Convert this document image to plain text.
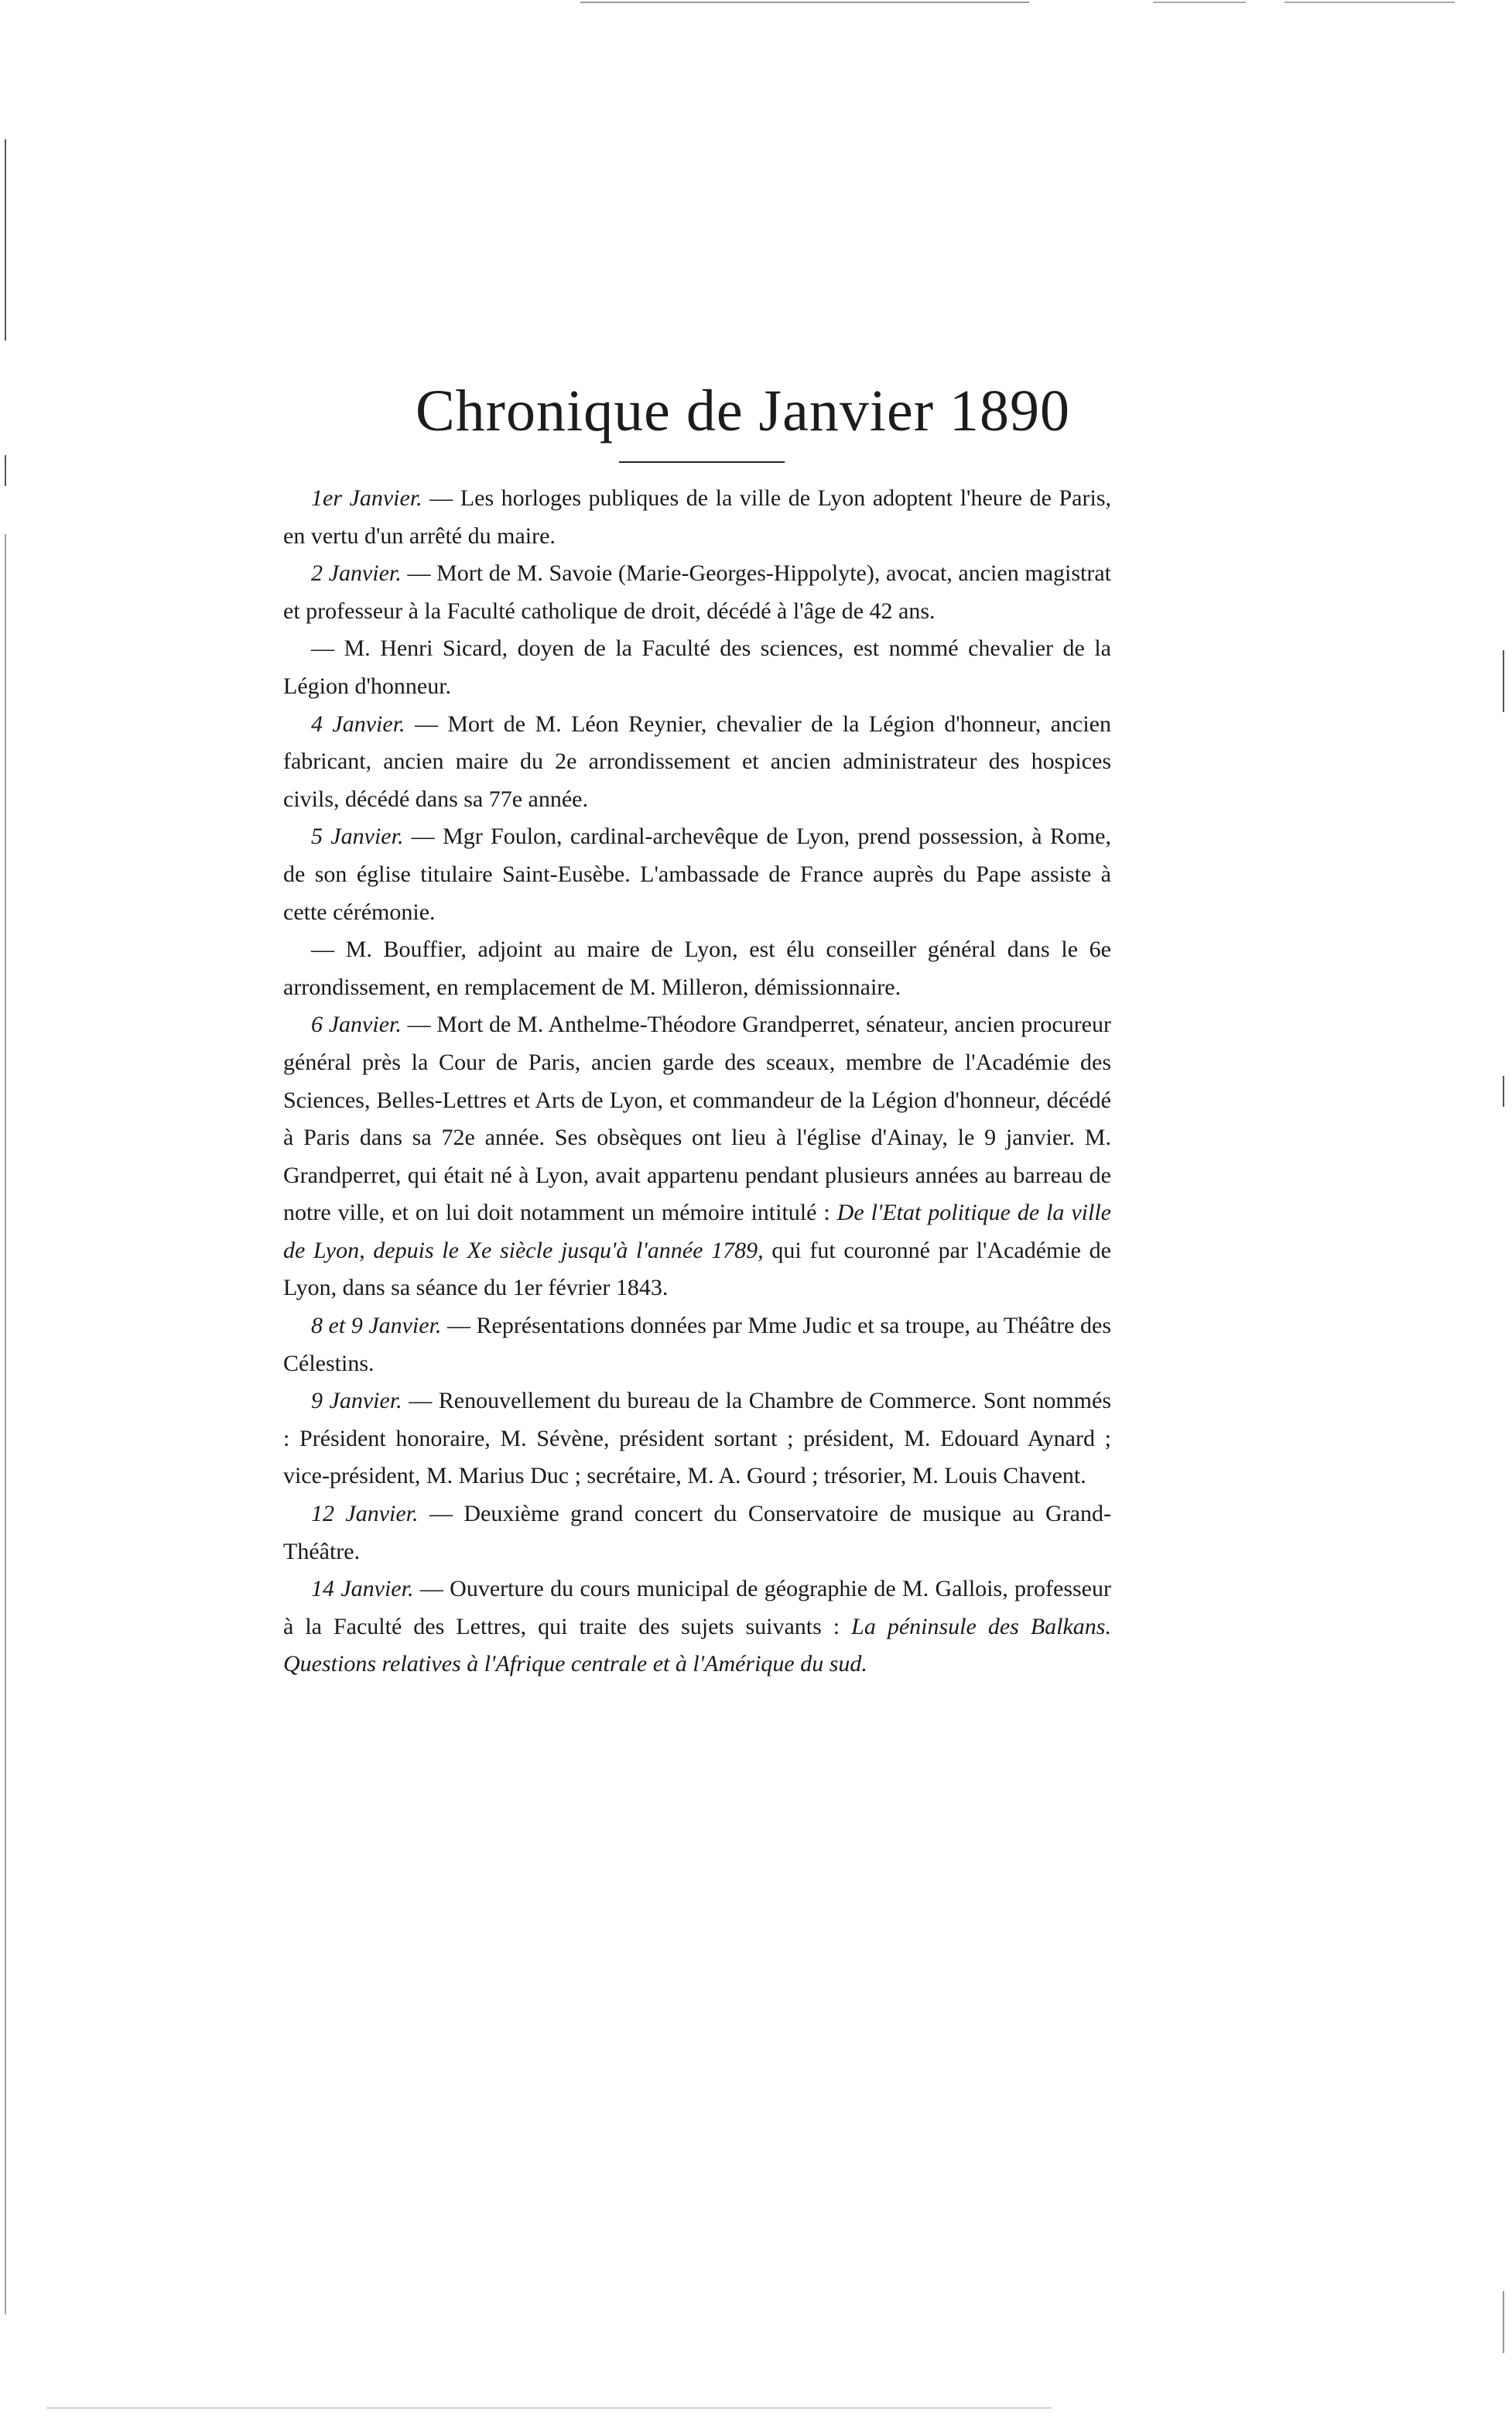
Chronique de Janvier 1890

1er Janvier. — Les horloges publiques de la ville de Lyon adoptent l'heure de Paris, en vertu d'un arrêté du maire.

2 Janvier. — Mort de M. Savoie (Marie-Georges-Hippolyte), avocat, ancien magistrat et professeur à la Faculté catholique de droit, décédé à l'âge de 42 ans.

— M. Henri Sicard, doyen de la Faculté des sciences, est nommé chevalier de la Légion d'honneur.

4 Janvier. — Mort de M. Léon Reynier, chevalier de la Légion d'honneur, ancien fabricant, ancien maire du 2e arrondissement et ancien administrateur des hospices civils, décédé dans sa 77e année.

5 Janvier. — Mgr Foulon, cardinal-archevêque de Lyon, prend possession, à Rome, de son église titulaire Saint-Eusèbe. L'ambassade de France auprès du Pape assiste à cette cérémonie.

— M. Bouffier, adjoint au maire de Lyon, est élu conseiller général dans le 6e arrondissement, en remplacement de M. Milleron, démissionnaire.

6 Janvier. — Mort de M. Anthelme-Théodore Grandperret, sénateur, ancien procureur général près la Cour de Paris, ancien garde des sceaux, membre de l'Académie des Sciences, Belles-Lettres et Arts de Lyon, et commandeur de la Légion d'honneur, décédé à Paris dans sa 72e année. Ses obsèques ont lieu à l'église d'Ainay, le 9 janvier. M. Grandperret, qui était né à Lyon, avait appartenu pendant plusieurs années au barreau de notre ville, et on lui doit notamment un mémoire intitulé : De l'Etat politique de la ville de Lyon, depuis le Xe siècle jusqu'à l'année 1789, qui fut couronné par l'Académie de Lyon, dans sa séance du 1er février 1843.

8 et 9 Janvier. — Représentations données par Mme Judic et sa troupe, au Théâtre des Célestins.

9 Janvier. — Renouvellement du bureau de la Chambre de Commerce. Sont nommés : Président honoraire, M. Sévène, président sortant ; président, M. Edouard Aynard ; vice-président, M. Marius Duc ; secrétaire, M. A. Gourd ; trésorier, M. Louis Chavent.

12 Janvier. — Deuxième grand concert du Conservatoire de musique au Grand-Théâtre.

14 Janvier. — Ouverture du cours municipal de géographie de M. Gallois, professeur à la Faculté des Lettres, qui traite des sujets suivants : La péninsule des Balkans. Questions relatives à l'Afrique centrale et à l'Amérique du sud.
